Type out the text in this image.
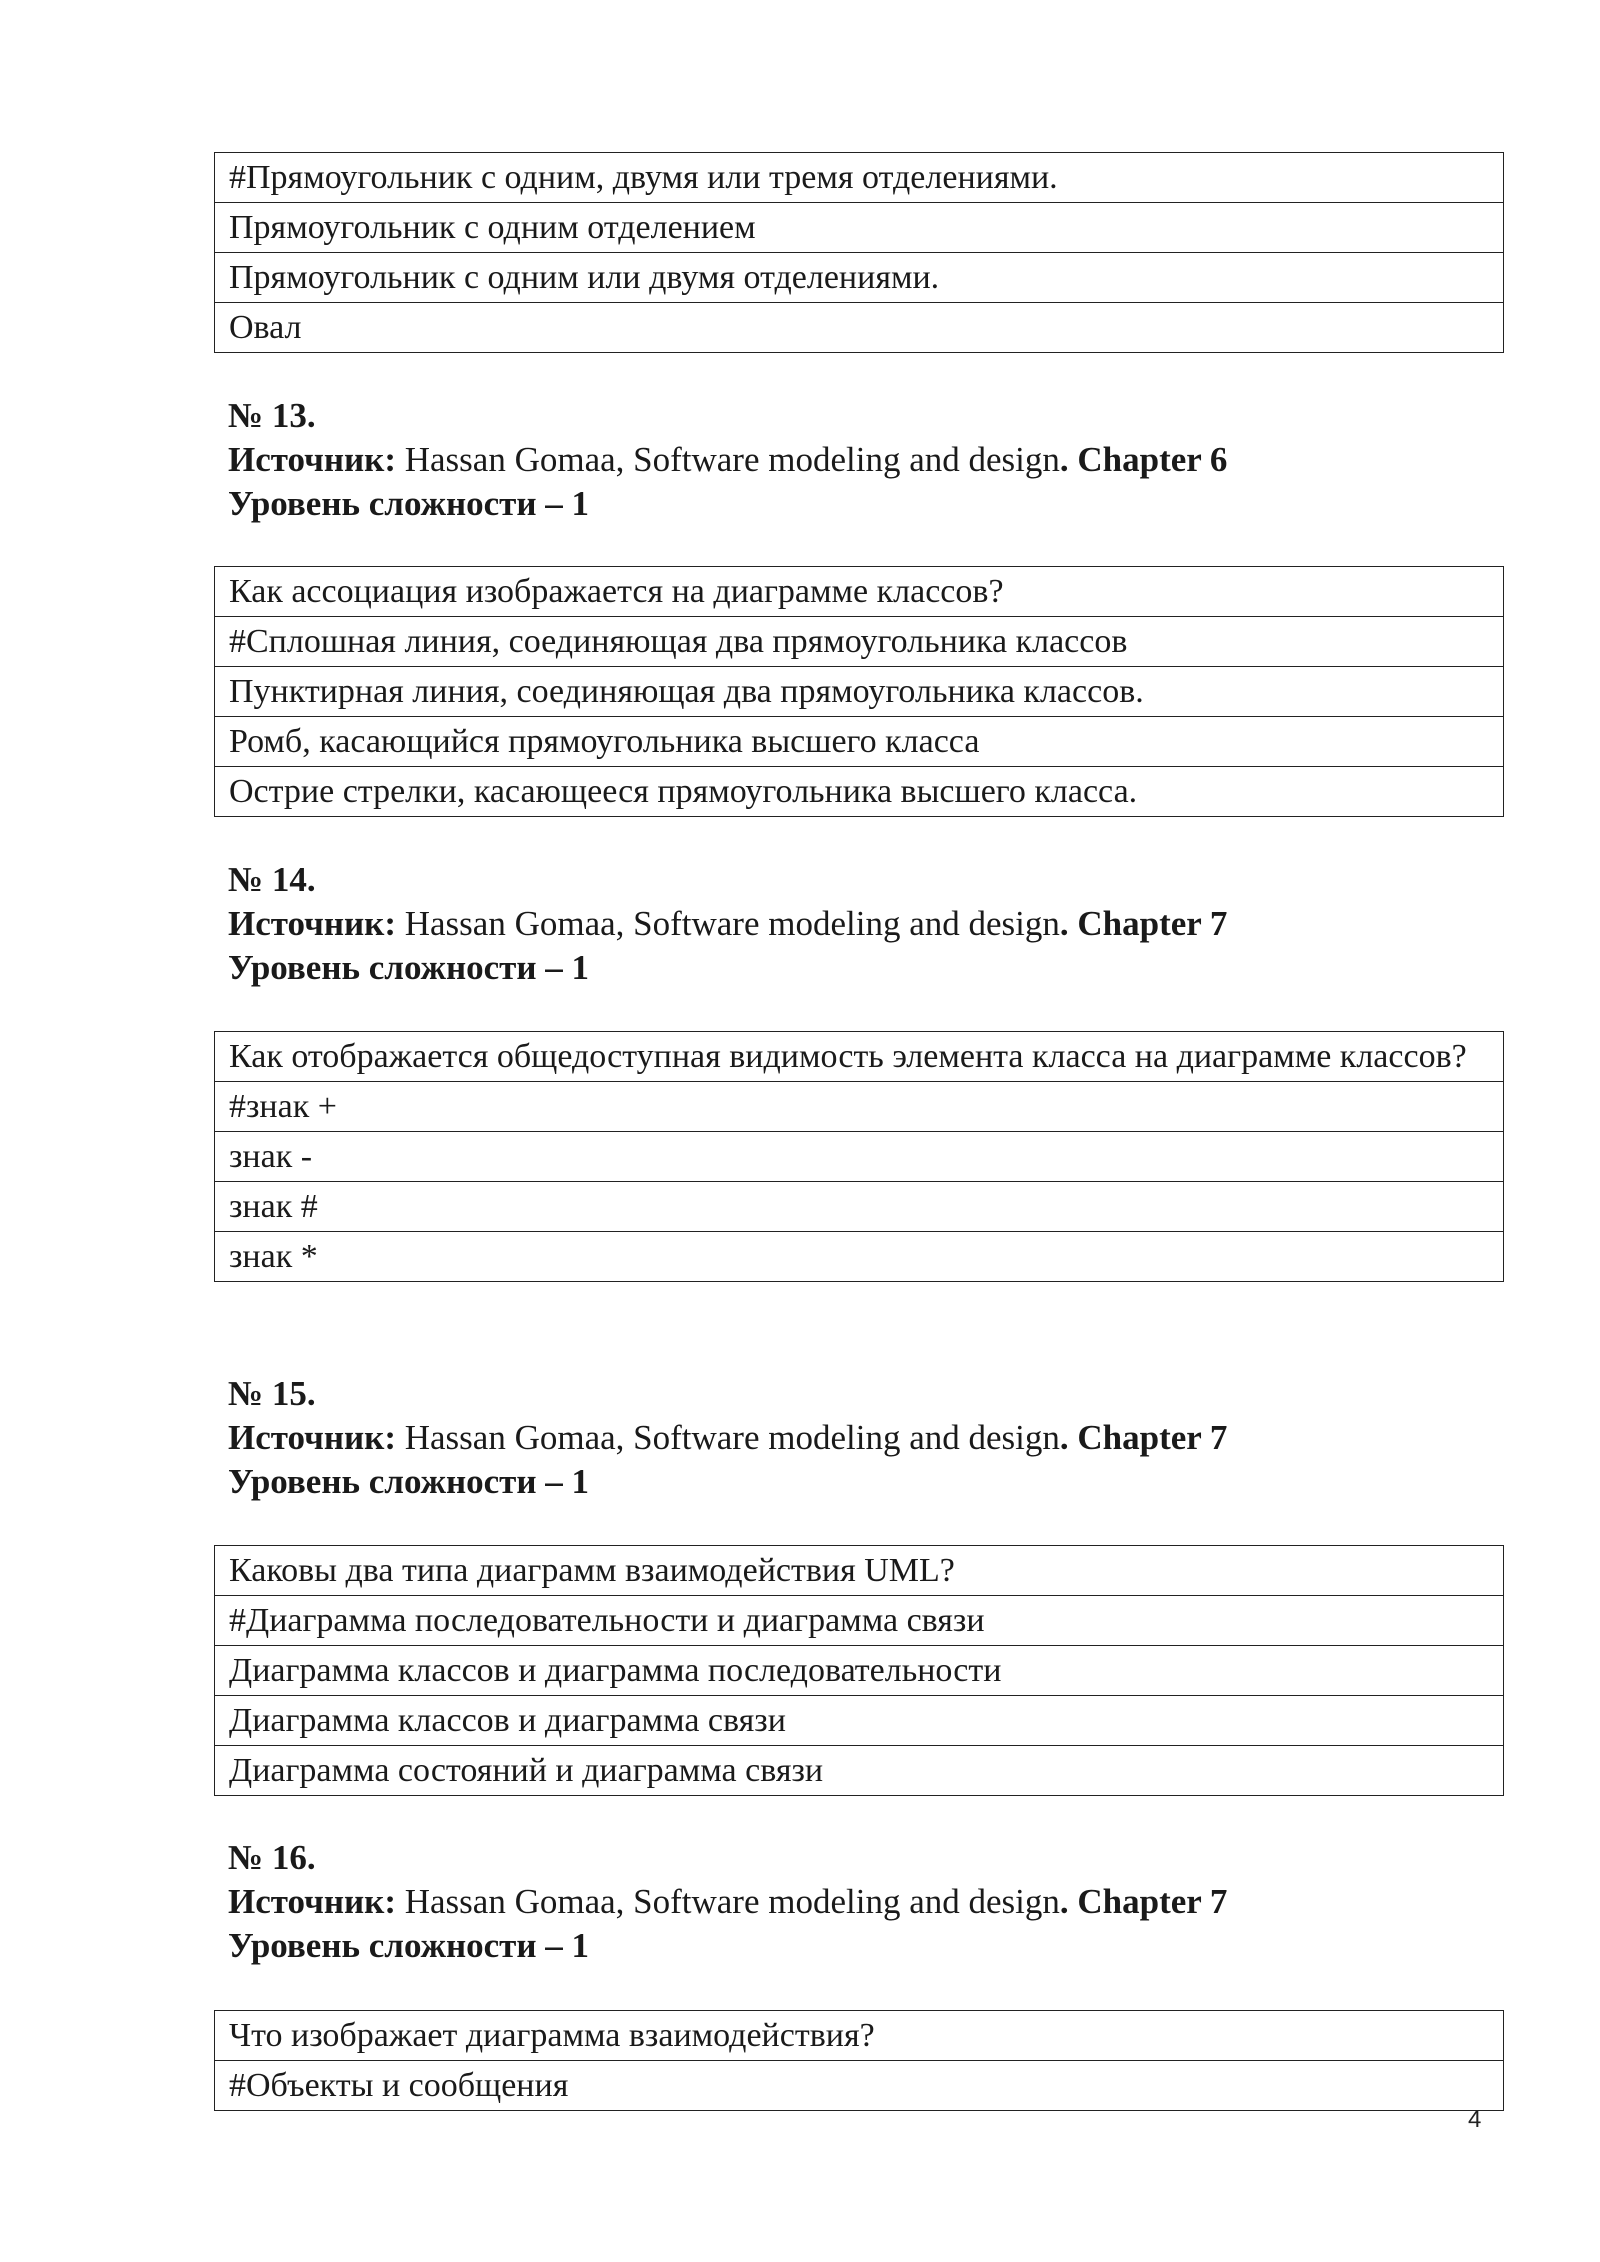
#Прямоугольник с одним, двумя или тремя отделениями.
Прямоугольник с одним отделением
Прямоугольник с одним или двумя отделениями.
Овал
№ 13.
Источник: Hassan Gomaa, Software modeling and design. Chapter 6
Уровень сложности – 1
Как ассоциация изображается на диаграмме классов?
#Сплошная линия, соединяющая два прямоугольника классов
Пунктирная линия, соединяющая два прямоугольника классов.
Ромб, касающийся прямоугольника высшего класса
Острие стрелки, касающееся прямоугольника высшего класса.
№ 14.
Источник: Hassan Gomaa, Software modeling and design. Chapter 7
Уровень сложности – 1
Как отображается общедоступная видимость элемента класса на диаграмме классов?
#знак +
знак -
знак #
знак *
№ 15.
Источник: Hassan Gomaa, Software modeling and design. Chapter 7
Уровень сложности – 1
Каковы два типа диаграмм взаимодействия UML?
#Диаграмма последовательности и диаграмма связи
Диаграмма классов и диаграмма последовательности
Диаграмма классов и диаграмма связи
Диаграмма состояний и диаграмма связи
№ 16.
Источник: Hassan Gomaa, Software modeling and design. Chapter 7
Уровень сложности – 1
Что изображает диаграмма взаимодействия?
#Объекты и сообщения
4
